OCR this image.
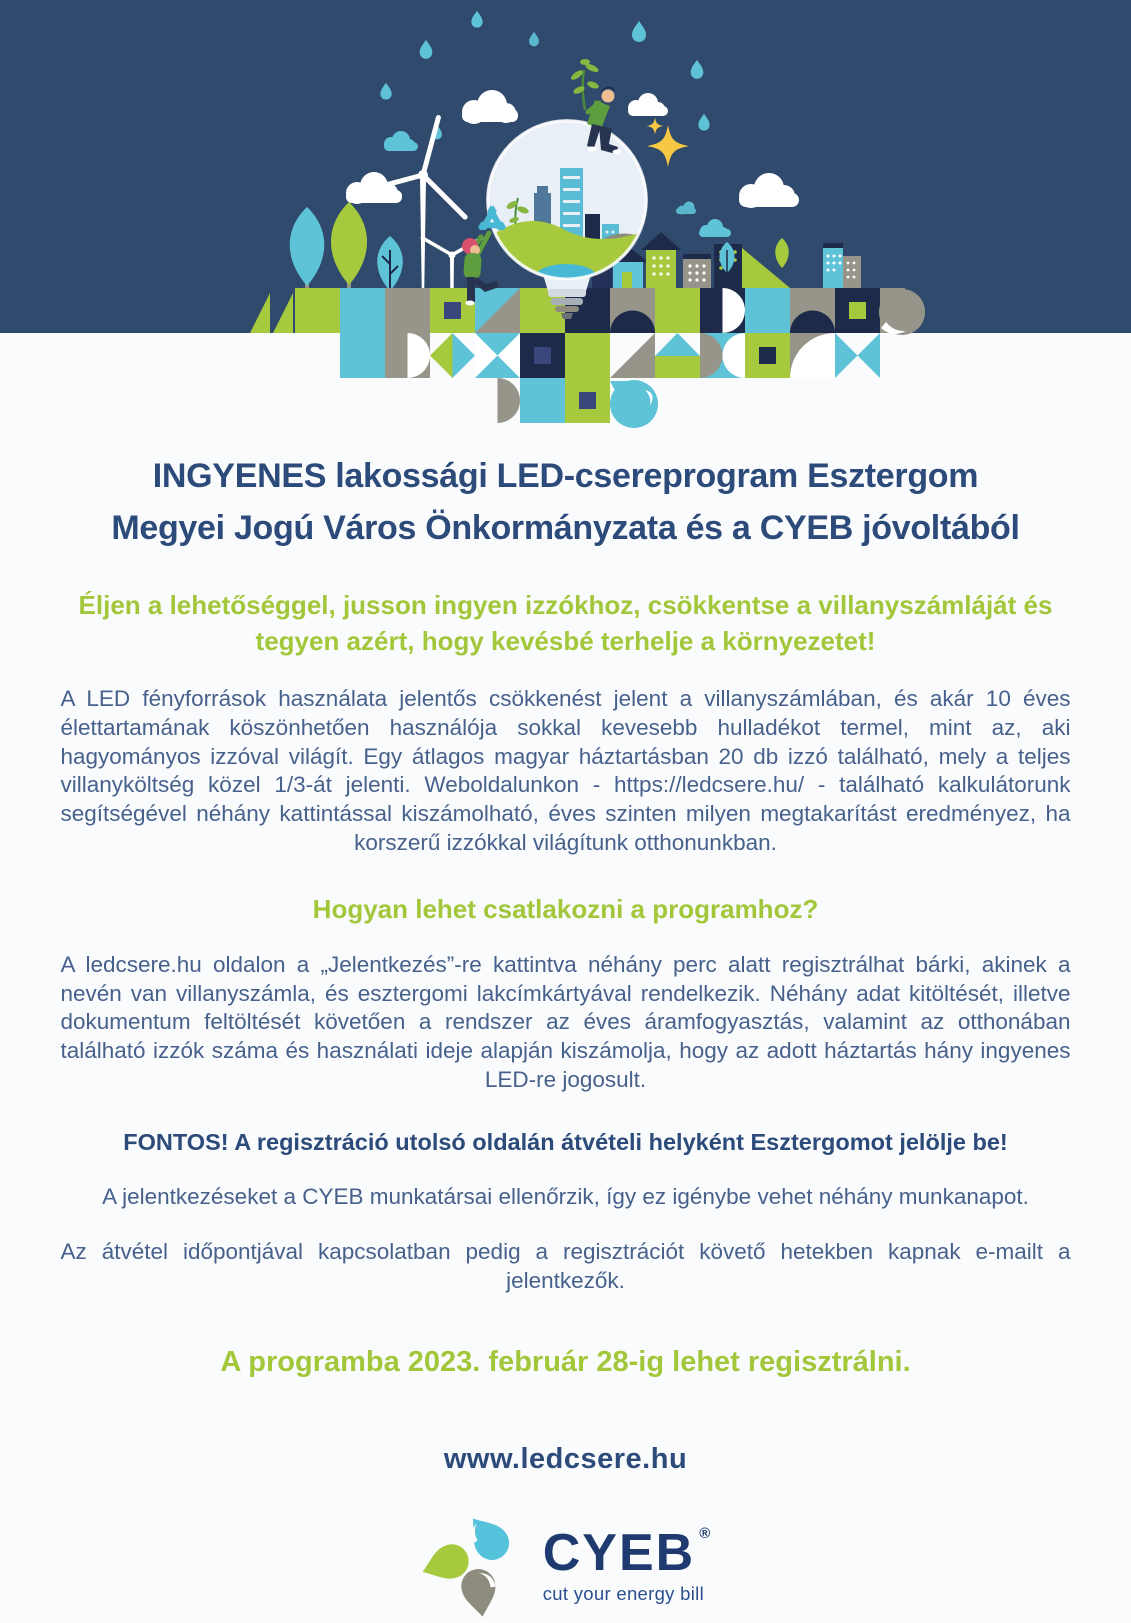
INGYENES lakossági LED-csereprogram Esztergom
Megyei Jogú Város Önkormányzata és a CYEB jóvoltából

Éljen a lehetőséggel, jusson ingyen izzókhoz, csökkentse a villanyszámláját és tegyen azért, hogy kevésbé terhelje a környezetet!

A LED fényforrások használata jelentős csökkenést jelent a villanyszámlában, és akár 10 éves élettartamának köszönhetően használója sokkal kevesebb hulladékot termel, mint az, aki hagyományos izzóval világít. Egy átlagos magyar háztartásban 20 db izzó található, mely a teljes villanyköltség közel 1/3-át jelenti. Weboldalunkon - https://ledcsere.hu/ - található kalkulátorunk segítségével néhány kattintással kiszámolható, éves szinten milyen megtakarítást eredményez, ha korszerű izzókkal világítunk otthonunkban.

Hogyan lehet csatlakozni a programhoz?

A ledcsere.hu oldalon a „Jelentkezés”-re kattintva néhány perc alatt regisztrálhat bárki, akinek a nevén van villanyszámla, és esztergomi lakcímkártyával rendelkezik. Néhány adat kitöltését, illetve dokumentum feltöltését követően a rendszer az éves áramfogyasztás, valamint az otthonában található izzók száma és használati ideje alapján kiszámolja, hogy az adott háztartás hány ingyenes LED-re jogosult.

FONTOS! A regisztráció utolsó oldalán átvételi helyként Esztergomot jelölje be!

A jelentkezéseket a CYEB munkatársai ellenőrzik, így ez igénybe vehet néhány munkanapot.

Az átvétel időpontjával kapcsolatban pedig a regisztrációt követő hetekben kapnak e-mailt a jelentkezők.

A programba 2023. február 28-ig lehet regisztrálni.

www.ledcsere.hu

CYEB ®
cut your energy bill
